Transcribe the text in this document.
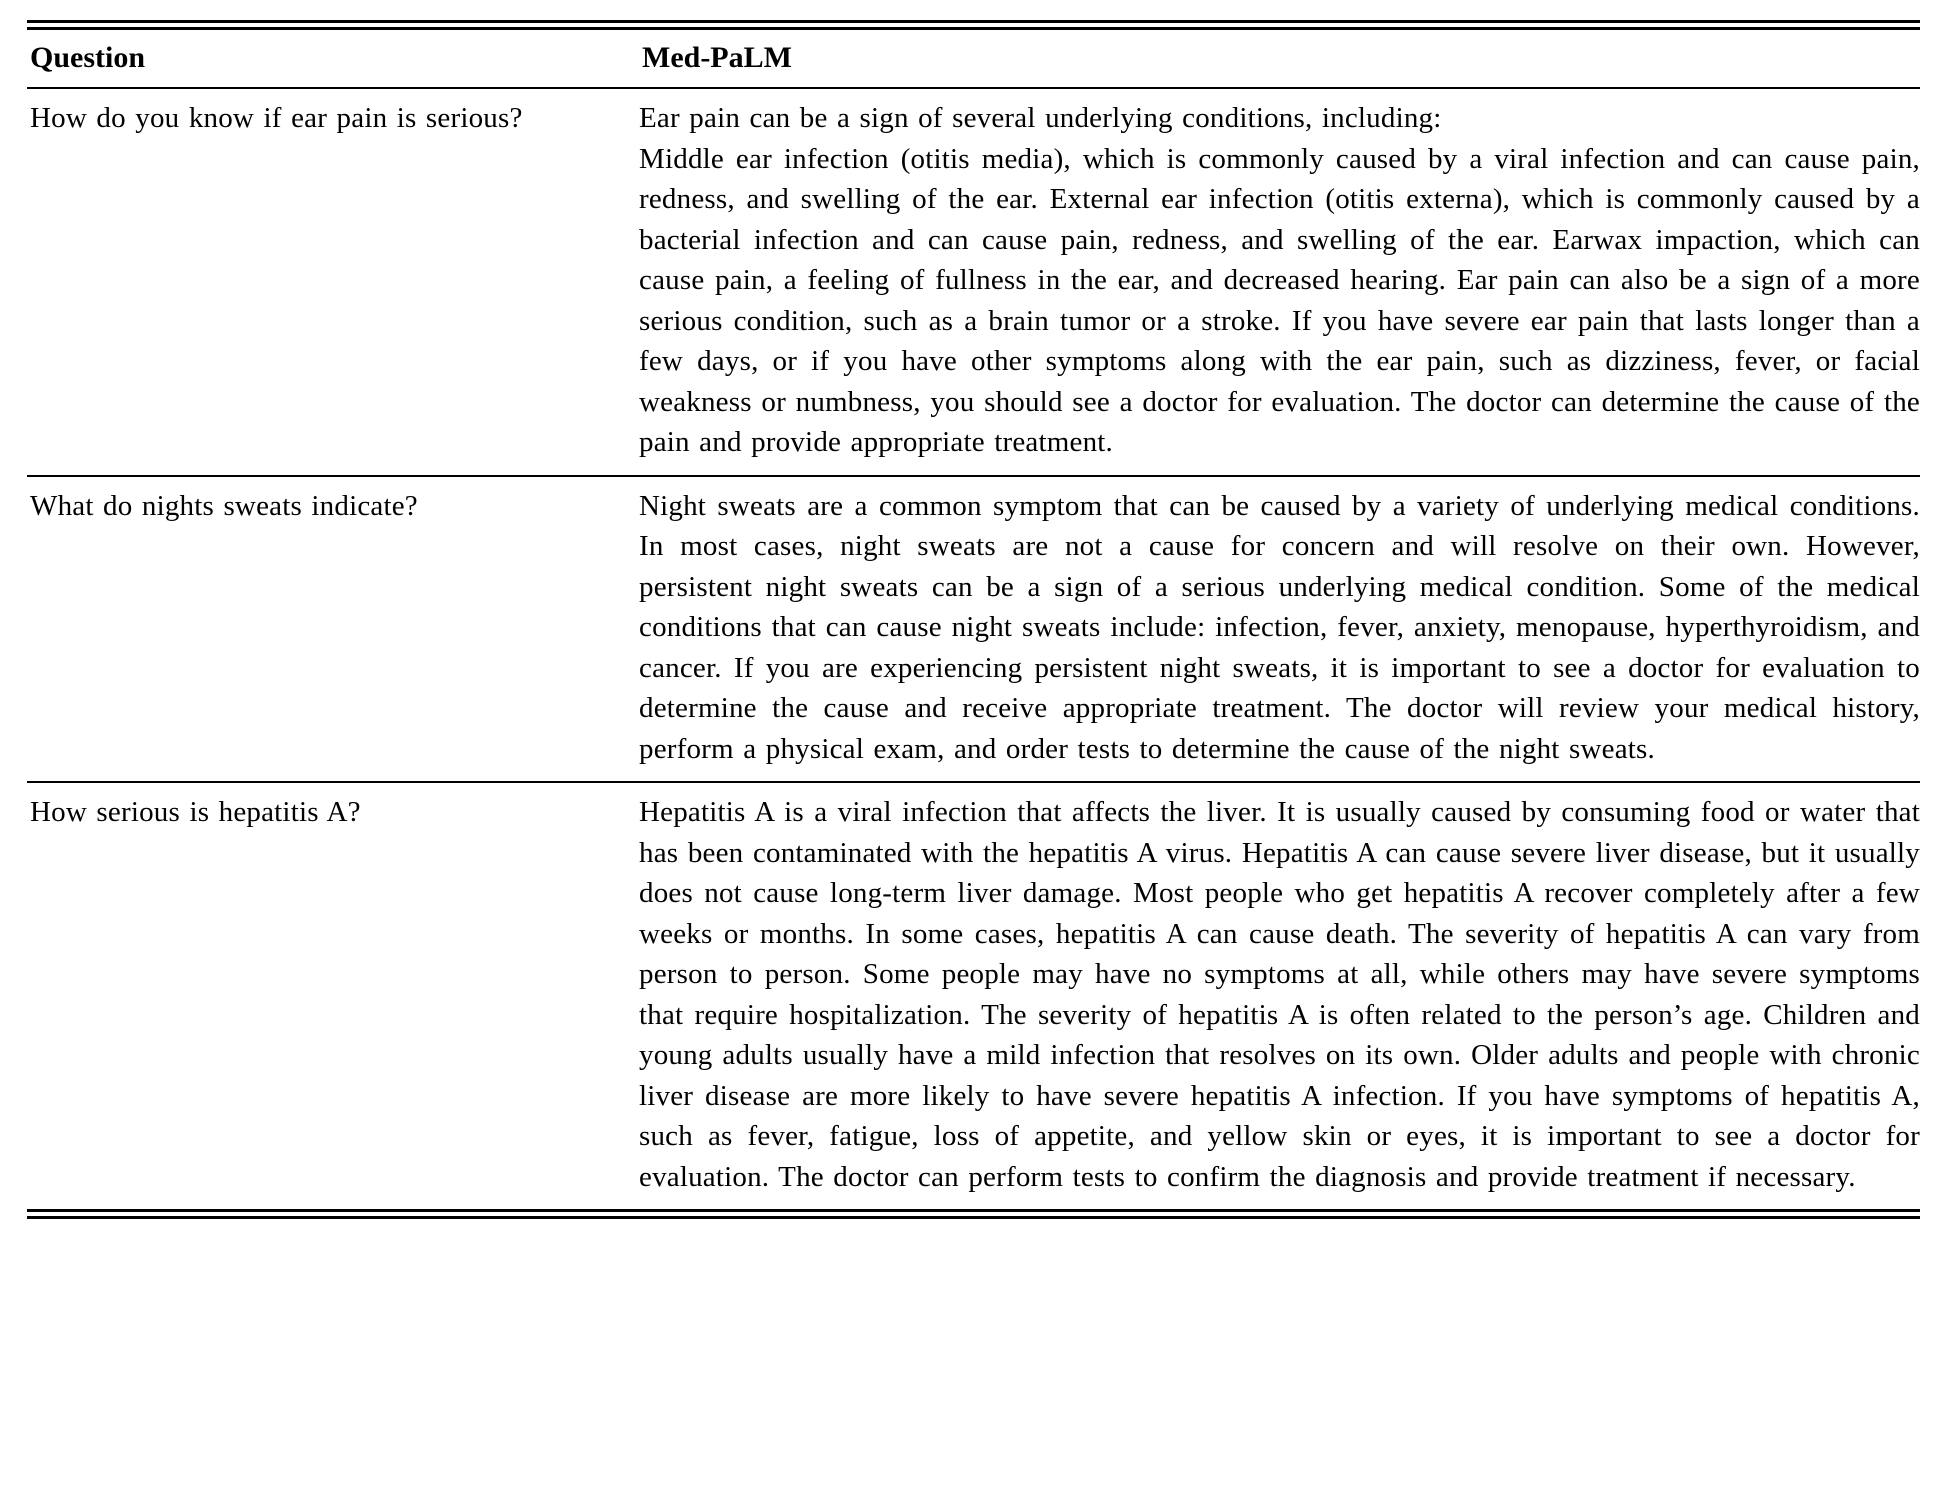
Question	Med-PaLM
How do you know if ear pain is serious?	Ear pain can be a sign of several underlying conditions, including:

Middle ear infection (otitis media), which is commonly caused by a viral infection and can cause pain, redness, and swelling of the ear. External ear infection (otitis externa), which is commonly caused by a bacterial infection and can cause pain, redness, and swelling of the ear. Earwax impaction, which can cause pain, a feeling of fullness in the ear, and decreased hearing. Ear pain can also be a sign of a more serious condition, such as a brain tumor or a stroke. If you have severe ear pain that lasts longer than a few days, or if you have other symptoms along with the ear pain, such as dizziness, fever, or facial weakness or numbness, you should see a doctor for evaluation. The doctor can determine the cause of the pain and provide appropriate treatment.

What do nights sweats indicate?	Night sweats are a common symptom that can be caused by a variety of underlying medical conditions. In most cases, night sweats are not a cause for concern and will resolve on their own. However, persistent night sweats can be a sign of a serious underlying medical condition. Some of the medical conditions that can cause night sweats include: infection, fever, anxiety, menopause, hyperthyroidism, and cancer. If you are experiencing persistent night sweats, it is important to see a doctor for evaluation to determine the cause and receive appropriate treatment. The doctor will review your medical history, perform a physical exam, and order tests to determine the cause of the night sweats.

How serious is hepatitis A?	Hepatitis A is a viral infection that affects the liver. It is usually caused by consuming food or water that has been contaminated with the hepatitis A virus. Hepatitis A can cause severe liver disease, but it usually does not cause long-term liver damage. Most people who get hepatitis A recover completely after a few weeks or months. In some cases, hepatitis A can cause death. The severity of hepatitis A can vary from person to person. Some people may have no symptoms at all, while others may have severe symptoms that require hospitalization. The severity of hepatitis A is often related to the person’s age. Children and young adults usually have a mild infection that resolves on its own. Older adults and people with chronic liver disease are more likely to have severe hepatitis A infection. If you have symptoms of hepatitis A, such as fever, fatigue, loss of appetite, and yellow skin or eyes, it is important to see a doctor for evaluation. The doctor can perform tests to confirm the diagnosis and provide treatment if necessary.
